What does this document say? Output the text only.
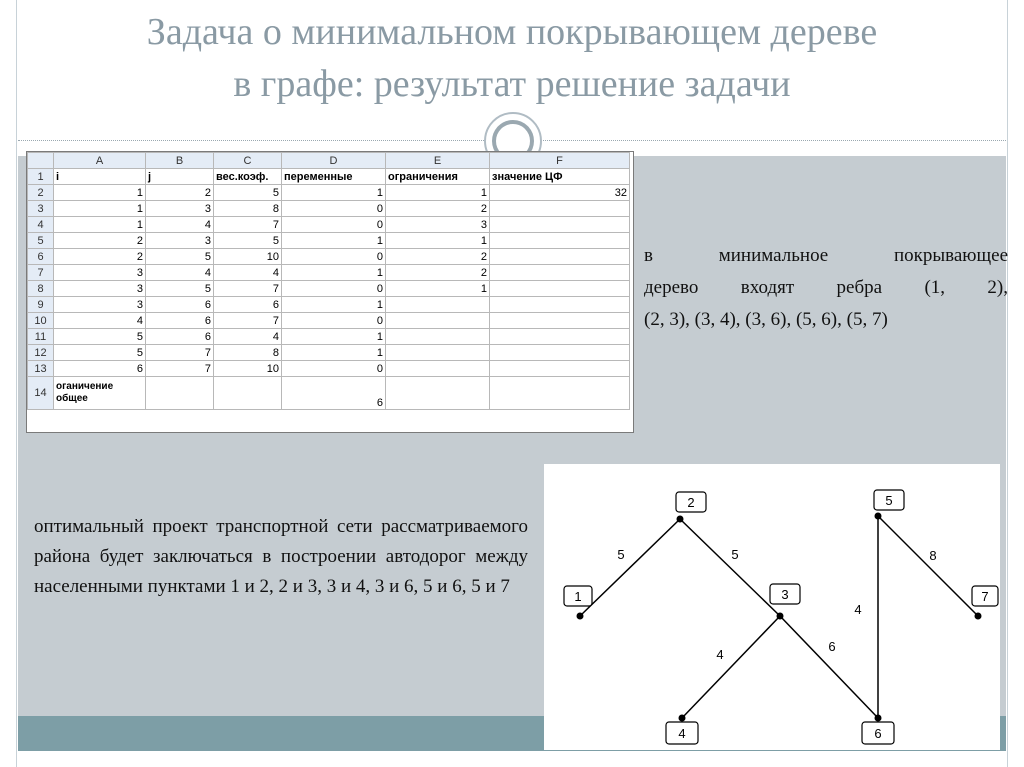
Задача о минимальном покрывающем дереве
в графе: результат решение задачи
	A	B	C	D	E	F
1	i	j	вес.коэф.	переменные	ограничения	значение ЦФ
2	1	2	5	1	1	32
3	1	3	8	0	2	
4	1	4	7	0	3	
5	2	3	5	1	1	
6	2	5	10	0	2	
7	3	4	4	1	2	
8	3	5	7	0	1	
9	3	6	6	1		
10	4	6	7	0		
11	5	6	4	1		
12	5	7	8	1		
13	6	7	10	0		
14	оганичение общее			6		
в минимальное покрывающее
дерево входят ребра (1, 2),
(2, 3), (3, 4), (3, 6), (5, 6), (5, 7)
оптимальный проект транспортной сети рассматриваемого района будет заключаться в построении автодорог между населенными пунктами 1 и 2, 2 и 3, 3 и 4, 3 и 6, 5 и 6, 5 и 7	1
2
3
4
5
6
7
5	5
4
6
4
8
